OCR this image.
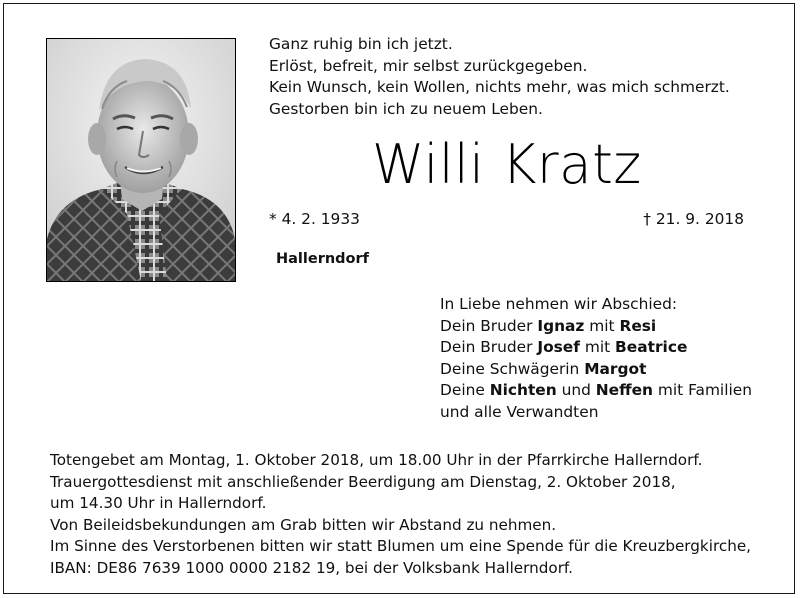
Ganz ruhig bin ich jetzt.
Erlöst, befreit, mir selbst zurückgegeben.
Kein Wunsch, kein Wollen, nichts mehr, was mich schmerzt.
Gestorben bin ich zu neuem Leben.
Willi Kratz
* 4. 2. 1933	† 21. 9. 2018
Hallerndorf
In Liebe nehmen wir Abschied:
Dein Bruder Ignaz mit Resi
Dein Bruder Josef mit Beatrice
Deine Schwägerin Margot
Deine Nichten und Neffen mit Familien
und alle Verwandten
Totengebet am Montag, 1. Oktober 2018, um 18.00 Uhr in der Pfarrkirche Hallerndorf.
Trauergottesdienst mit anschließender Beerdigung am Dienstag, 2. Oktober 2018,
um 14.30 Uhr in Hallerndorf.
Von Beileidsbekundungen am Grab bitten wir Abstand zu nehmen.
Im Sinne des Verstorbenen bitten wir statt Blumen um eine Spende für die Kreuzbergkirche,
IBAN: DE86 7639 1000 0000 2182 19, bei der Volksbank Hallerndorf.
